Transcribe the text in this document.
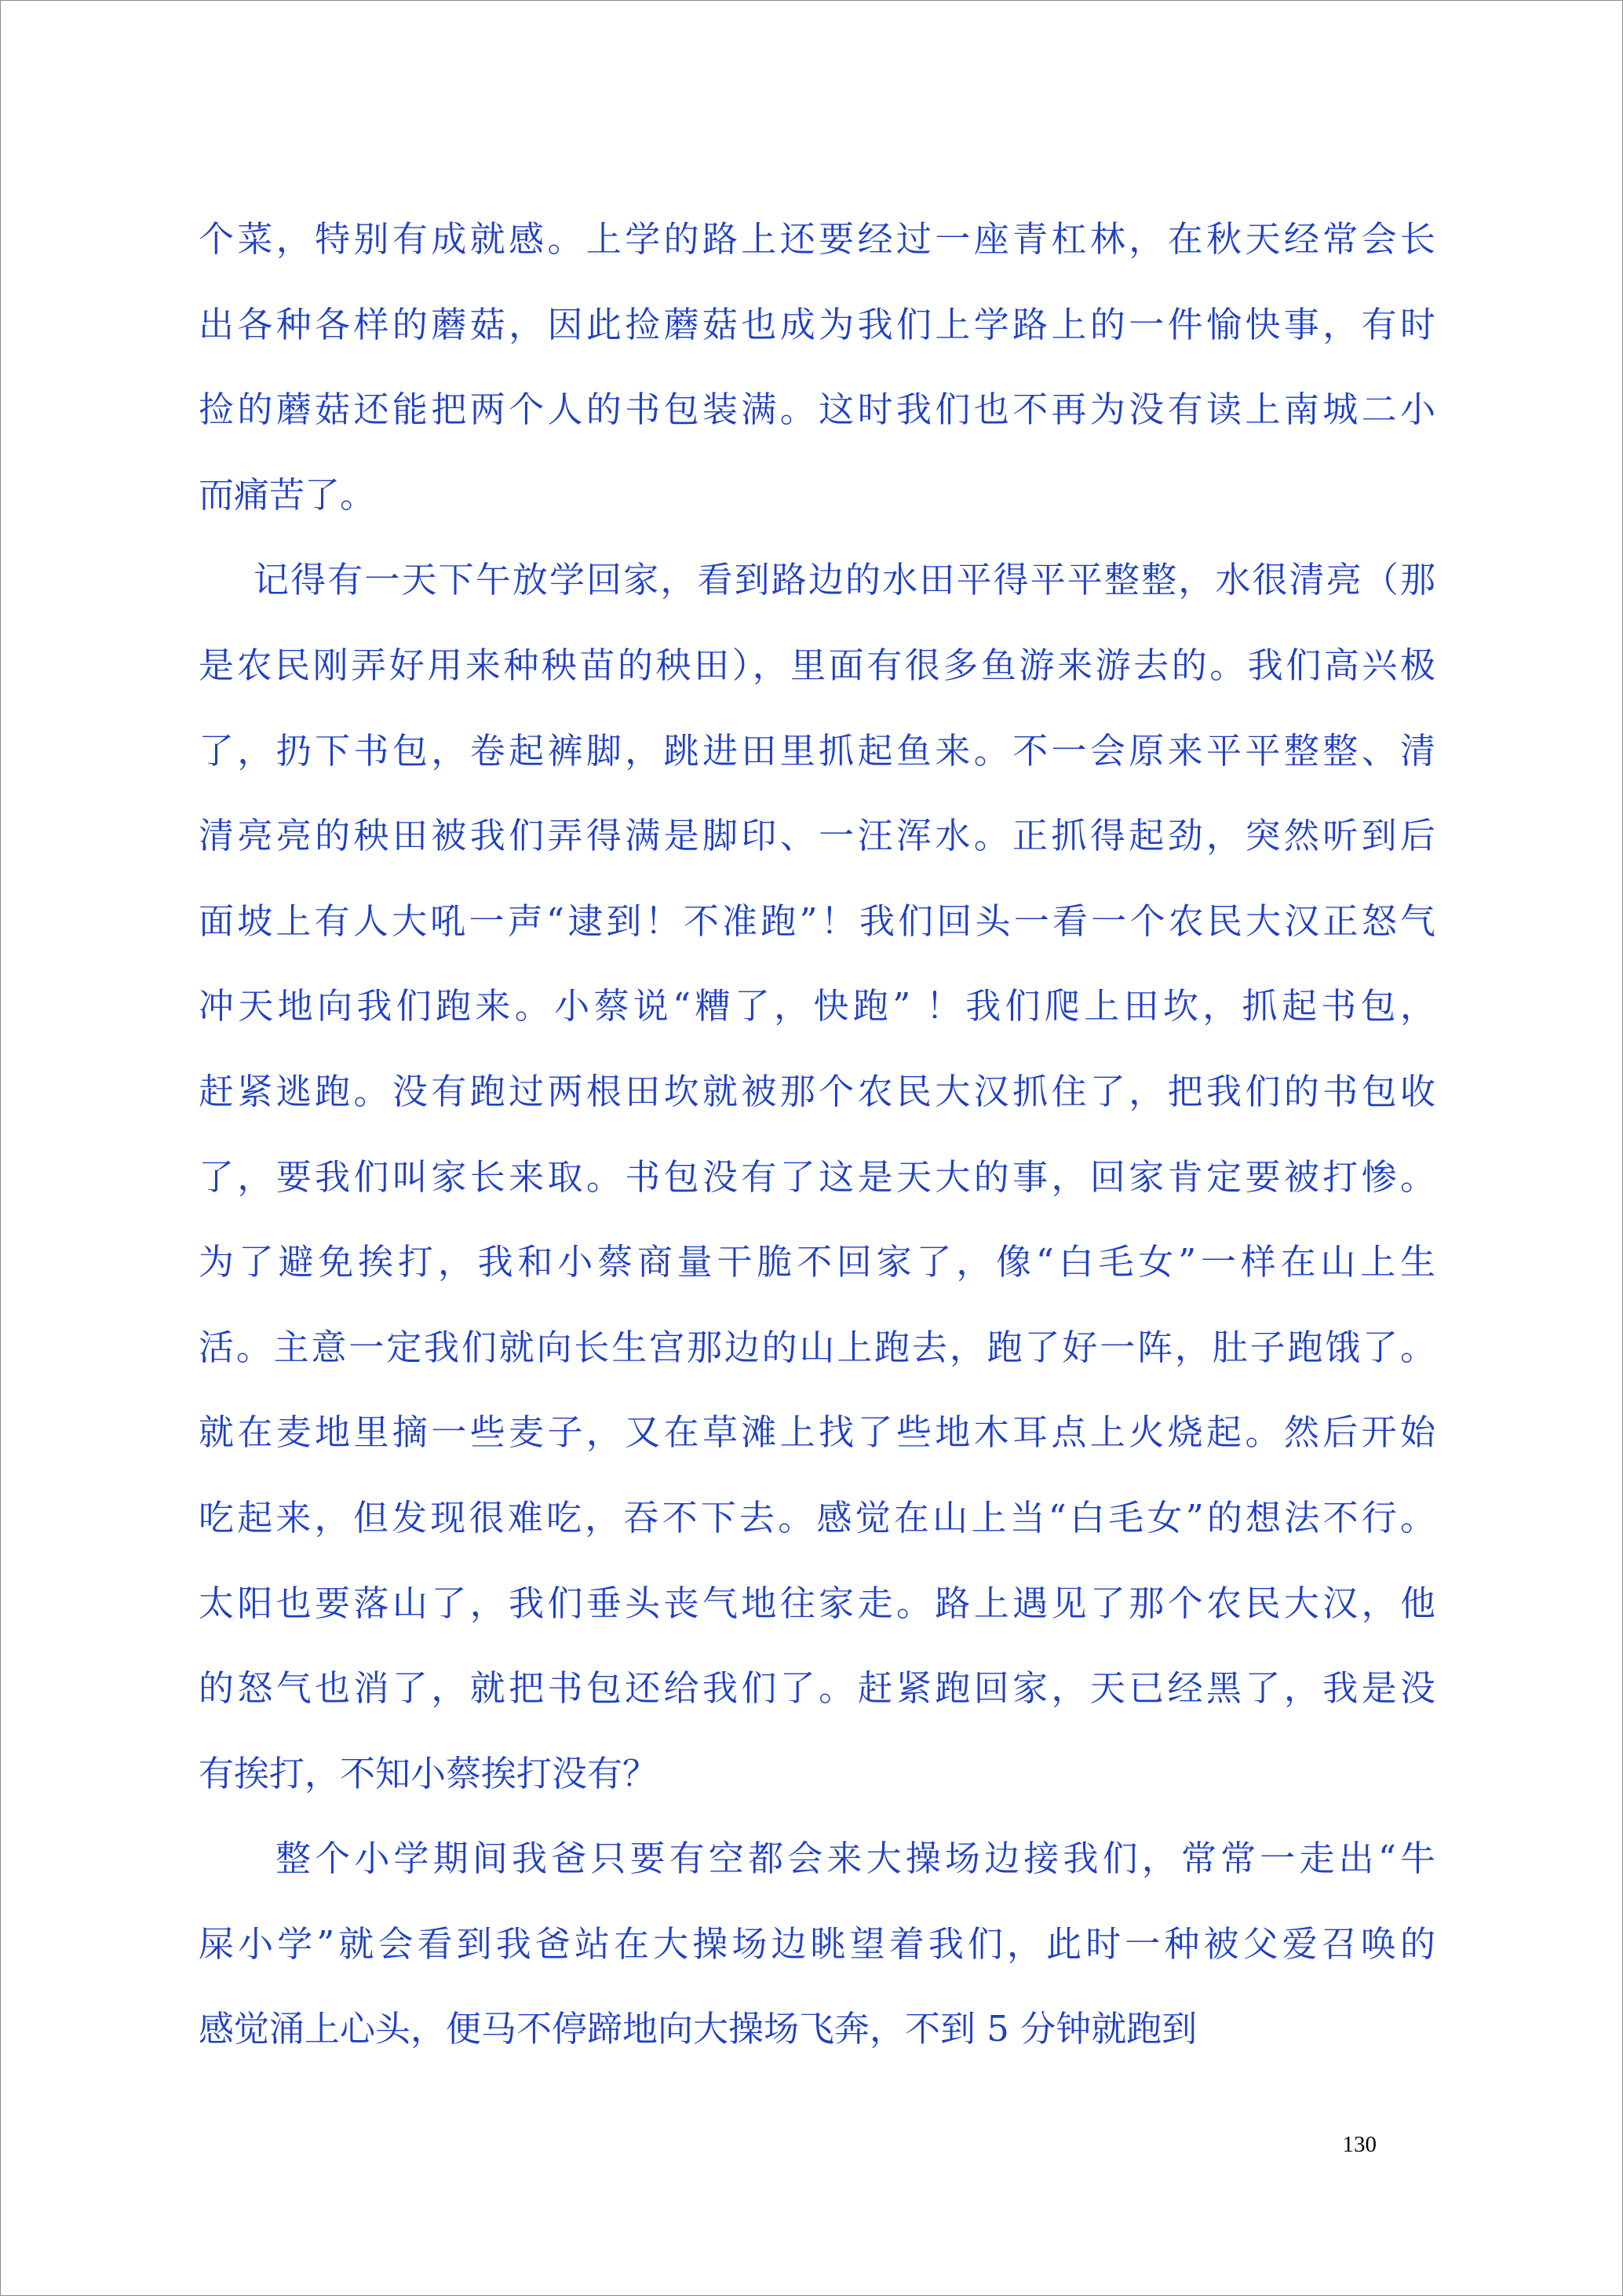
个菜，特别有成就感。上学的路上还要经过一座青杠林，在秋天经常会长
出各种各样的蘑菇，因此捡蘑菇也成为我们上学路上的一件愉快事，有时
捡的蘑菇还能把两个人的书包装满。这时我们也不再为没有读上南城二小
而痛苦了。
记得有一天下午放学回家，看到路边的水田平得平平整整，水很清亮（那
是农民刚弄好用来种秧苗的秧田），里面有很多鱼游来游去的。我们高兴极
了，扔下书包，卷起裤脚，跳进田里抓起鱼来。不一会原来平平整整、清
清亮亮的秧田被我们弄得满是脚印、一汪浑水。正抓得起劲，突然听到后
面坡上有人大吼一声“逮到！不准跑”！我们回头一看一个农民大汉正怒气
冲天地向我们跑来。小蔡说“糟了，快跑” ！我们爬上田坎，抓起书包，
赶紧逃跑。没有跑过两根田坎就被那个农民大汉抓住了，把我们的书包收
了，要我们叫家长来取。书包没有了这是天大的事，回家肯定要被打惨。
为了避免挨打，我和小蔡商量干脆不回家了，像“白毛女”一样在山上生
活。主意一定我们就向长生宫那边的山上跑去，跑了好一阵，肚子跑饿了。
就在麦地里摘一些麦子，又在草滩上找了些地木耳点上火烧起。然后开始
吃起来，但发现很难吃，吞不下去。感觉在山上当“白毛女”的想法不行。
太阳也要落山了，我们垂头丧气地往家走。路上遇见了那个农民大汉，他
的怒气也消了，就把书包还给我们了。赶紧跑回家，天已经黑了，我是没
有挨打，不知小蔡挨打没有？
整个小学期间我爸只要有空都会来大操场边接我们，常常一走出“牛
屎小学”就会看到我爸站在大操场边眺望着我们，此时一种被父爱召唤的
感觉涌上心头，便马不停蹄地向大操场飞奔，不到 5 分钟就跑到
130
